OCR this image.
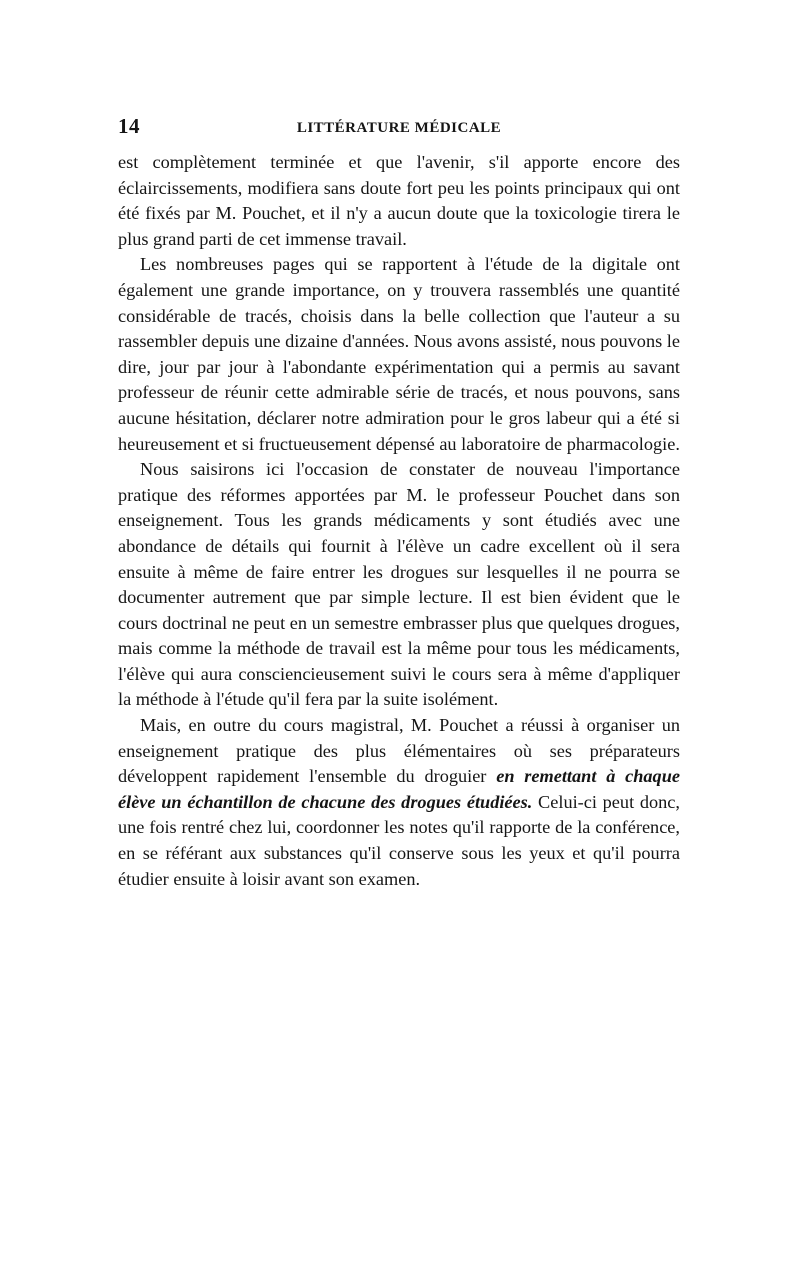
14	LITTÉRATURE MÉDICALE

est complètement terminée et que l'avenir, s'il apporte encore des éclaircissements, modifiera sans doute fort peu les points principaux qui ont été fixés par M. Pouchet, et il n'y a aucun doute que la toxicologie tirera le plus grand parti de cet immense travail.

Les nombreuses pages qui se rapportent à l'étude de la digitale ont également une grande importance, on y trouvera rassemblés une quantité considérable de tracés, choisis dans la belle collection que l'auteur a su rassembler depuis une dizaine d'années. Nous avons assisté, nous pouvons le dire, jour par jour à l'abondante expérimentation qui a permis au savant professeur de réunir cette admirable série de tracés, et nous pouvons, sans aucune hésitation, déclarer notre admiration pour le gros labeur qui a été si heureusement et si fructueusement dépensé au laboratoire de pharmacologie.

Nous saisirons ici l'occasion de constater de nouveau l'importance pratique des réformes apportées par M. le professeur Pouchet dans son enseignement. Tous les grands médicaments y sont étudiés avec une abondance de détails qui fournit à l'élève un cadre excellent où il sera ensuite à même de faire entrer les drogues sur lesquelles il ne pourra se documenter autrement que par simple lecture. Il est bien évident que le cours doctrinal ne peut en un semestre embrasser plus que quelques drogues, mais comme la méthode de travail est la même pour tous les médicaments, l'élève qui aura consciencieusement suivi le cours sera à même d'appliquer la méthode à l'étude qu'il fera par la suite isolément.

Mais, en outre du cours magistral, M. Pouchet a réussi à organiser un enseignement pratique des plus élémentaires où ses préparateurs développent rapidement l'ensemble du droguier en remettant à chaque élève un échantillon de chacune des drogues étudiées. Celui-ci peut donc, une fois rentré chez lui, coordonner les notes qu'il rapporte de la conférence, en se référant aux substances qu'il conserve sous les yeux et qu'il pourra étudier ensuite à loisir avant son examen.
